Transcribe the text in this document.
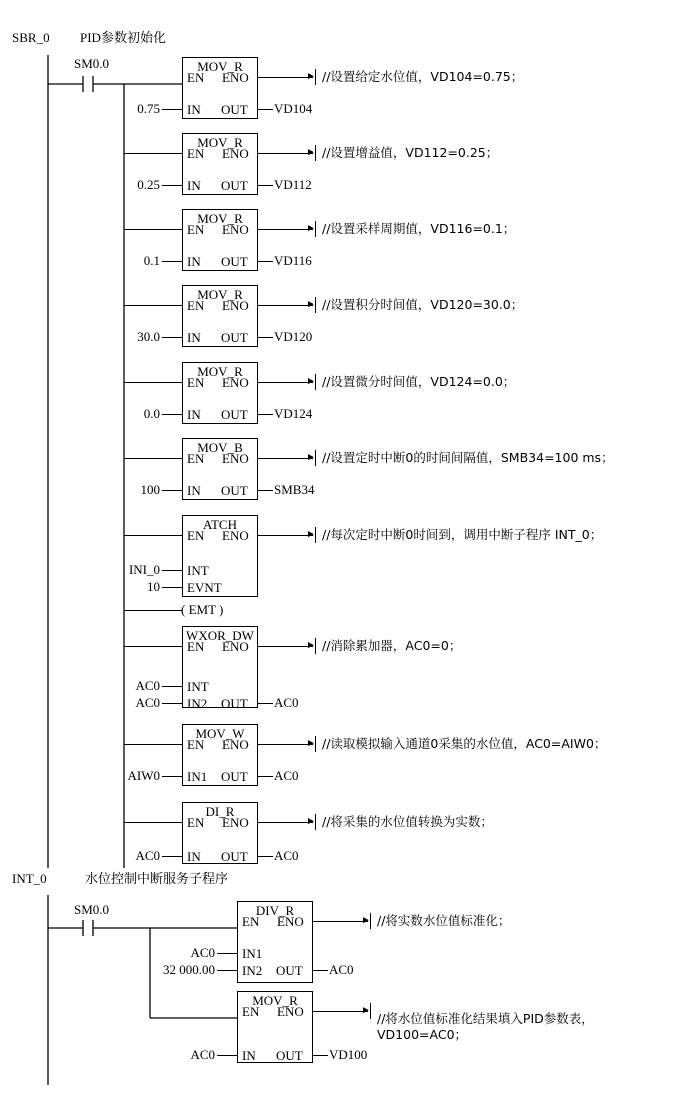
MOV_R
EN ENO	► //设置给定水位值，VD104=0.75；
IN
0.75	OUT VD104
MOV_R
EN ENO	► //设置增益值，VD112=0.25；
IN
0.25	OUT VD112
MOV_R
EN ENO	► //设置采样周期值，VD116=0.1；
IN
0.1	OUT VD116
MOV_R
EN ENO	► //设置积分时间值，VD120=30.0；
IN
30.0	OUT VD120
MOV_R
EN ENO	► //设置微分时间值，VD124=0.0；
IN
0.0	OUT VD124
MOV_B
EN ENO	► //设置定时中断0的时间间隔值，SMB34=100 ms；
IN
100	OUT SMB34
ATCH
EN ENO	► //每次定时中断0时间到，调用中断子程序 INT_0；
INT
INI_0
EVNT
10
( EMT )
WXOR_DW
EN ENO	► //消除累加器，AC0=0；
INT
AC0
IN2
AC0	OUT AC0
MOV_W
EN ENO	► //读取模拟输入通道0采集的水位值，AC0=AIW0；
IN1
AIW0	OUT AC0
DI_R
EN ENO	► //将采集的水位值转换为实数；
IN
AC0	OUT AC0
DIV_R
EN ENO	► //将实数水位值标准化；
IN1
AC0
IN2
32 000.00	OUT AC0
MOV_R
EN ENO	►
//将水位值标准化结果填入PID参数表，
VD100=AC0；
IN
AC0	OUT VD100
SBR_0 PID参数初始化
SM0.0
INT_0	水位控制中断服务子程序
SM0.0
